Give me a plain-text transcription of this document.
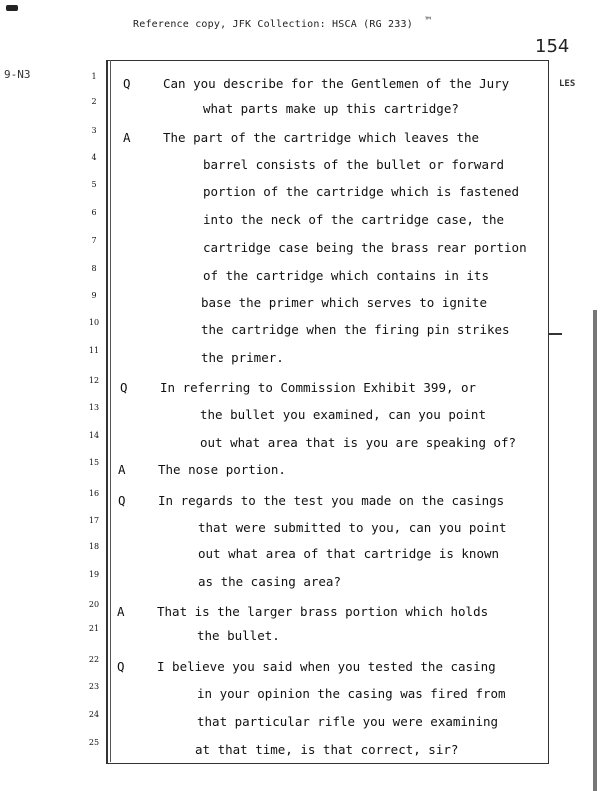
Reference copy, JFK Collection: HSCA (RG 233) ™
154
9-N3
LES
1	Q	Can you describe for the Gentlemen of the Jury
2	what parts make up this cartridge?
3	A	The part of the cartridge which leaves the
4	barrel consists of the bullet or forward
5	portion of the cartridge which is fastened
6	into the neck of the cartridge case, the
7	cartridge case being the brass rear portion
8	of the cartridge which contains in its
9	base the primer which serves to ignite
10	the cartridge when the firing pin strikes
11	the primer.
12	Q	In referring to Commission Exhibit 399, or
13	the bullet you examined, can you point
14	out what area that is you are speaking of?
15	A	The nose portion.
16	Q	In regards to the test you made on the casings
17	that were submitted to you, can you point
18	out what area of that cartridge is known
19	as the casing area?
20	A	That is the larger brass portion which holds
21	the bullet.
22	Q	I believe you said when you tested the casing
23	in your opinion the casing was fired from
24	that particular rifle you were examining
25	at that time, is that correct, sir?
